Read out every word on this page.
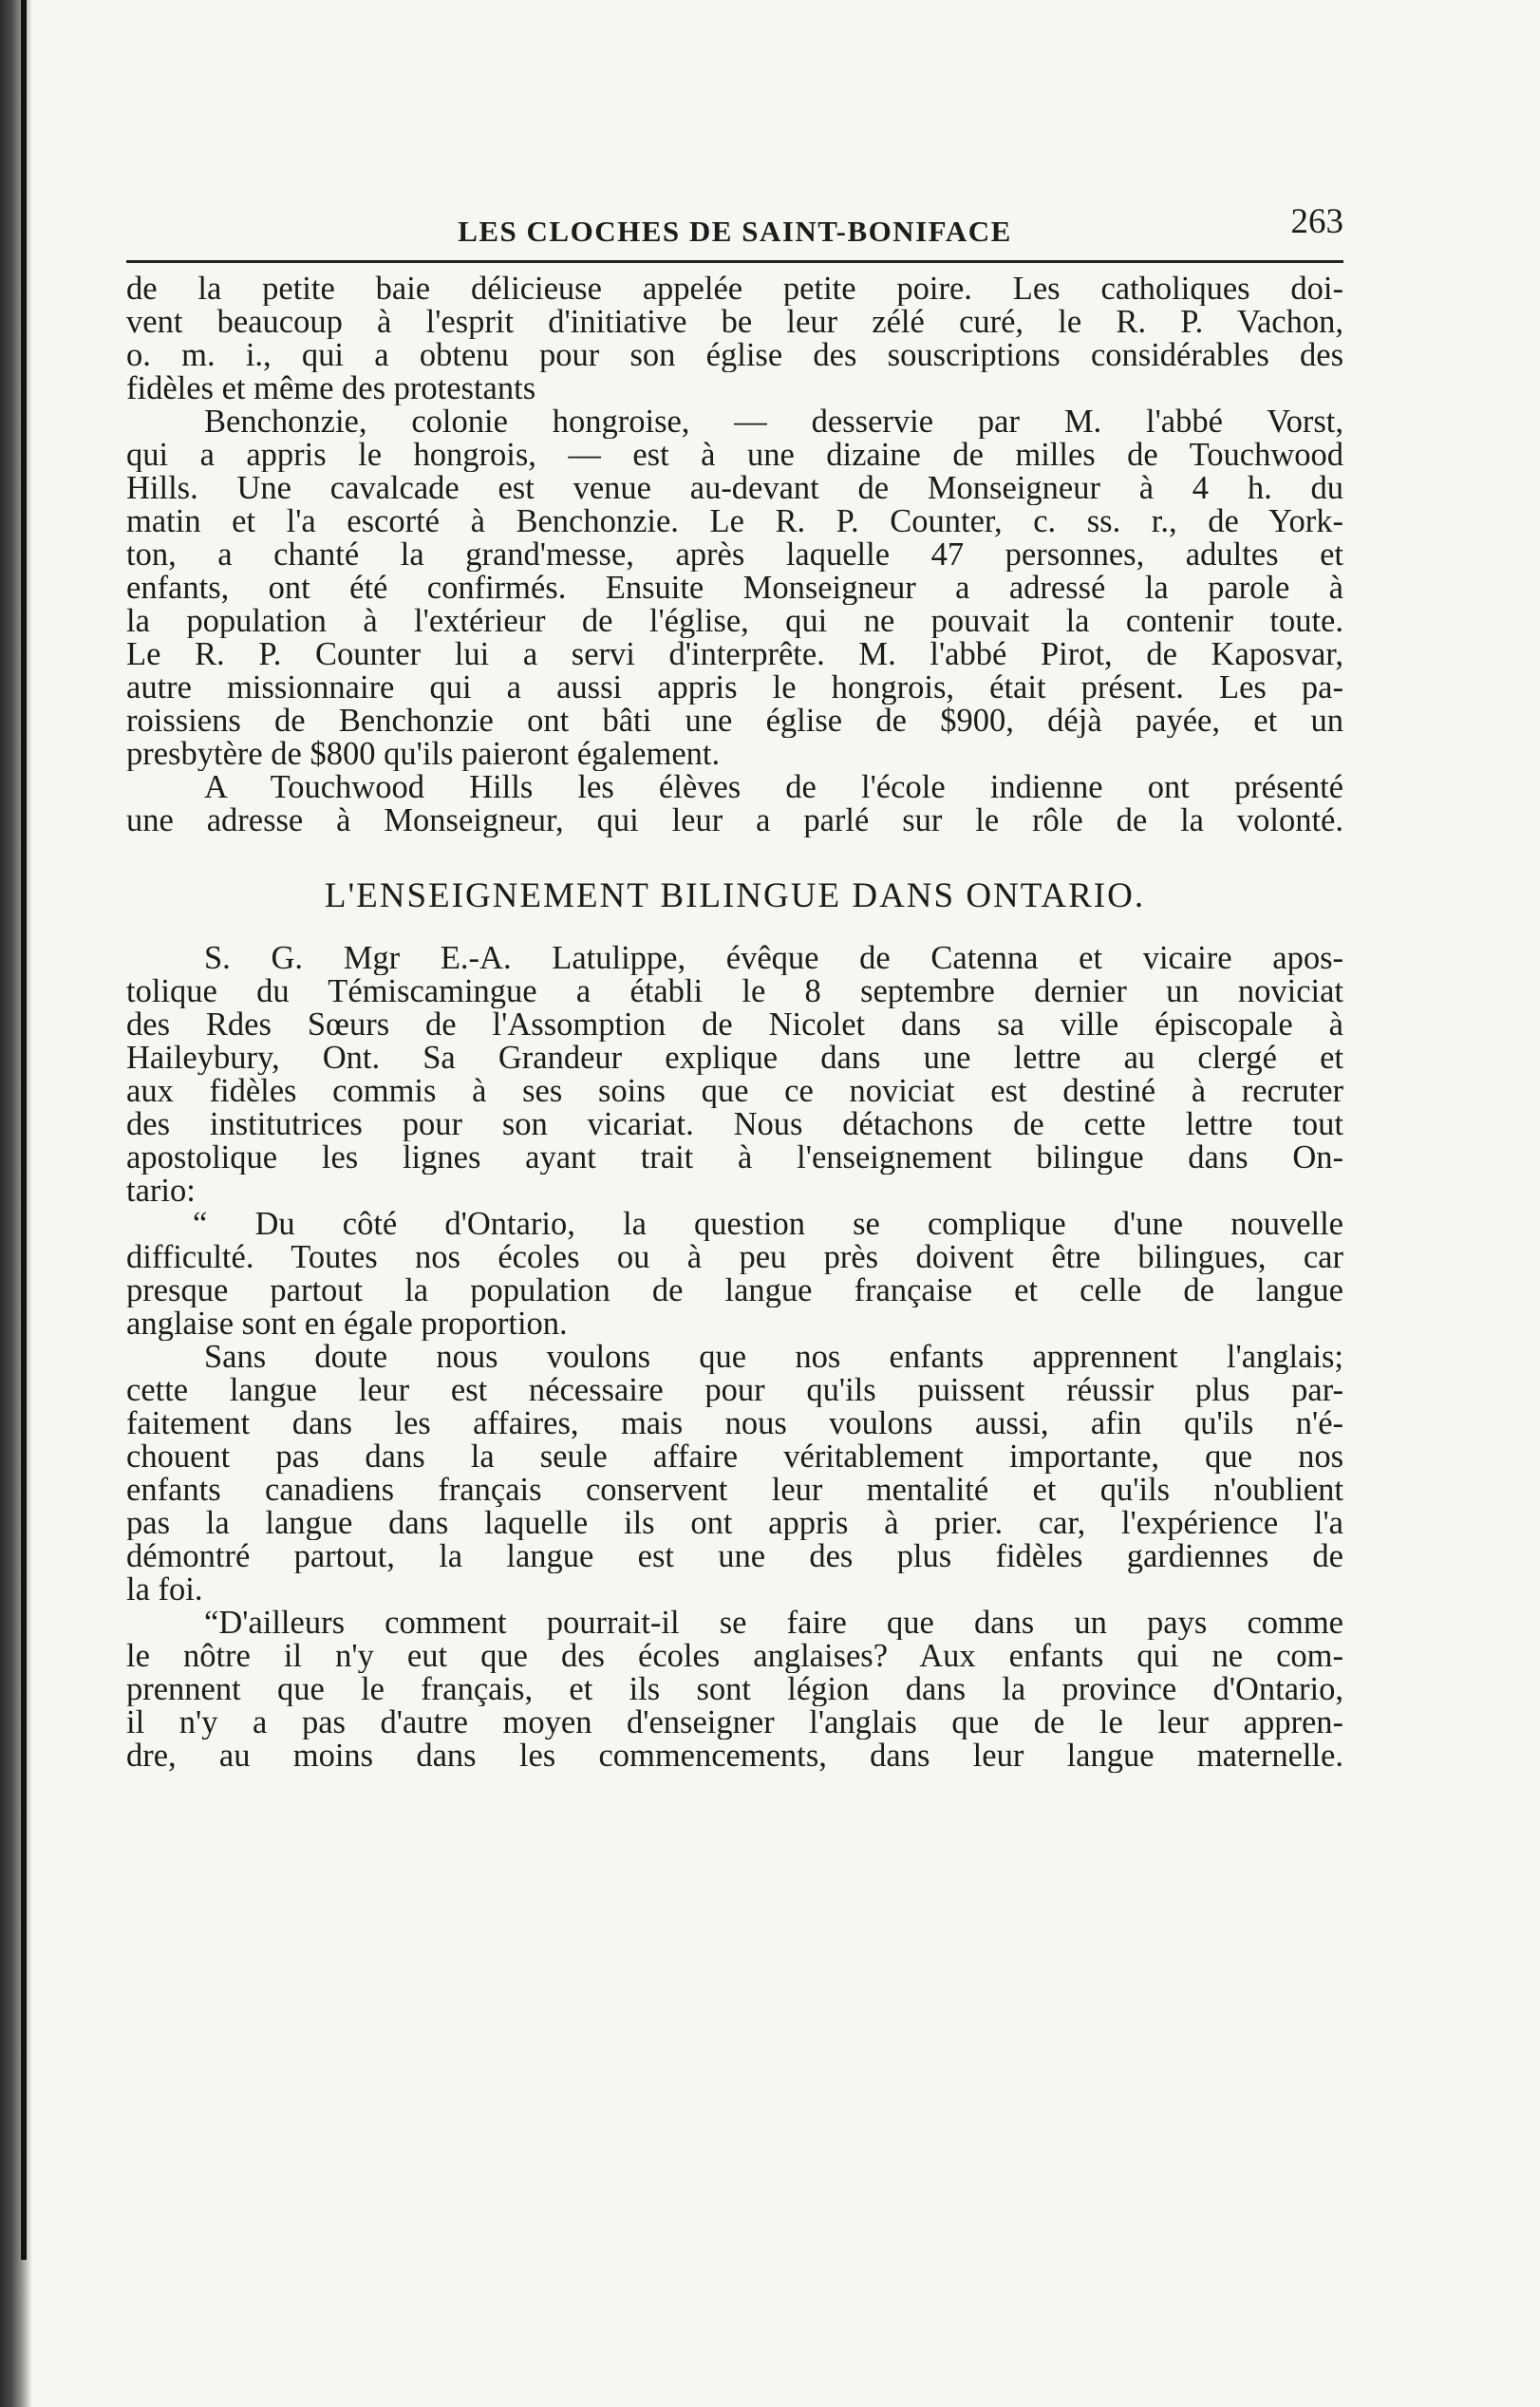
LES CLOCHES DE SAINT-BONIFACE	263
de la petite baie délicieuse appelée petite poire. Les catholiques doi-
vent beaucoup à l'esprit d'initiative be leur zélé curé, le R. P. Vachon,
o. m. i., qui a obtenu pour son église des souscriptions considérables des
fidèles et même des protestants
Benchonzie, colonie hongroise, — desservie par M. l'abbé Vorst,
qui a appris le hongrois, — est à une dizaine de milles de Touchwood
Hills. Une cavalcade est venue au-devant de Monseigneur à 4 h. du
matin et l'a escorté à Benchonzie. Le R. P. Counter, c. ss. r., de York-
ton, a chanté la grand'messe, après laquelle 47 personnes, adultes et
enfants, ont été confirmés. Ensuite Monseigneur a adressé la parole à
la population à l'extérieur de l'église, qui ne pouvait la contenir toute.
Le R. P. Counter lui a servi d'interprête. M. l'abbé Pirot, de Kaposvar,
autre missionnaire qui a aussi appris le hongrois, était présent. Les pa-
roissiens de Benchonzie ont bâti une église de $900, déjà payée, et un
presbytère de $800 qu'ils paieront également.
A Touchwood Hills les élèves de l'école indienne ont présenté
une adresse à Monseigneur, qui leur a parlé sur le rôle de la volonté.
L'ENSEIGNEMENT BILINGUE DANS ONTARIO.
S. G. Mgr E.-A. Latulippe, évêque de Catenna et vicaire apos-
tolique du Témiscamingue a établi le 8 septembre dernier un noviciat
des Rdes Sœurs de l'Assomption de Nicolet dans sa ville épiscopale à
Haileybury, Ont. Sa Grandeur explique dans une lettre au clergé et
aux fidèles commis à ses soins que ce noviciat est destiné à recruter
des institutrices pour son vicariat. Nous détachons de cette lettre tout
apostolique les lignes ayant trait à l'enseignement bilingue dans On-
tario:
“ Du côté d'Ontario, la question se complique d'une nouvelle
difficulté. Toutes nos écoles ou à peu près doivent être bilingues, car
presque partout la population de langue française et celle de langue
anglaise sont en égale proportion.
Sans doute nous voulons que nos enfants apprennent l'anglais;
cette langue leur est nécessaire pour qu'ils puissent réussir plus par-
faitement dans les affaires, mais nous voulons aussi, afin qu'ils n'é-
chouent pas dans la seule affaire véritablement importante, que nos
enfants canadiens français conservent leur mentalité et qu'ils n'oublient
pas la langue dans laquelle ils ont appris à prier. car, l'expérience l'a
démontré partout, la langue est une des plus fidèles gardiennes de
la foi.
“D'ailleurs comment pourrait-il se faire que dans un pays comme
le nôtre il n'y eut que des écoles anglaises? Aux enfants qui ne com-
prennent que le français, et ils sont légion dans la province d'Ontario,
il n'y a pas d'autre moyen d'enseigner l'anglais que de le leur appren-
dre, au moins dans les commencements, dans leur langue maternelle.
